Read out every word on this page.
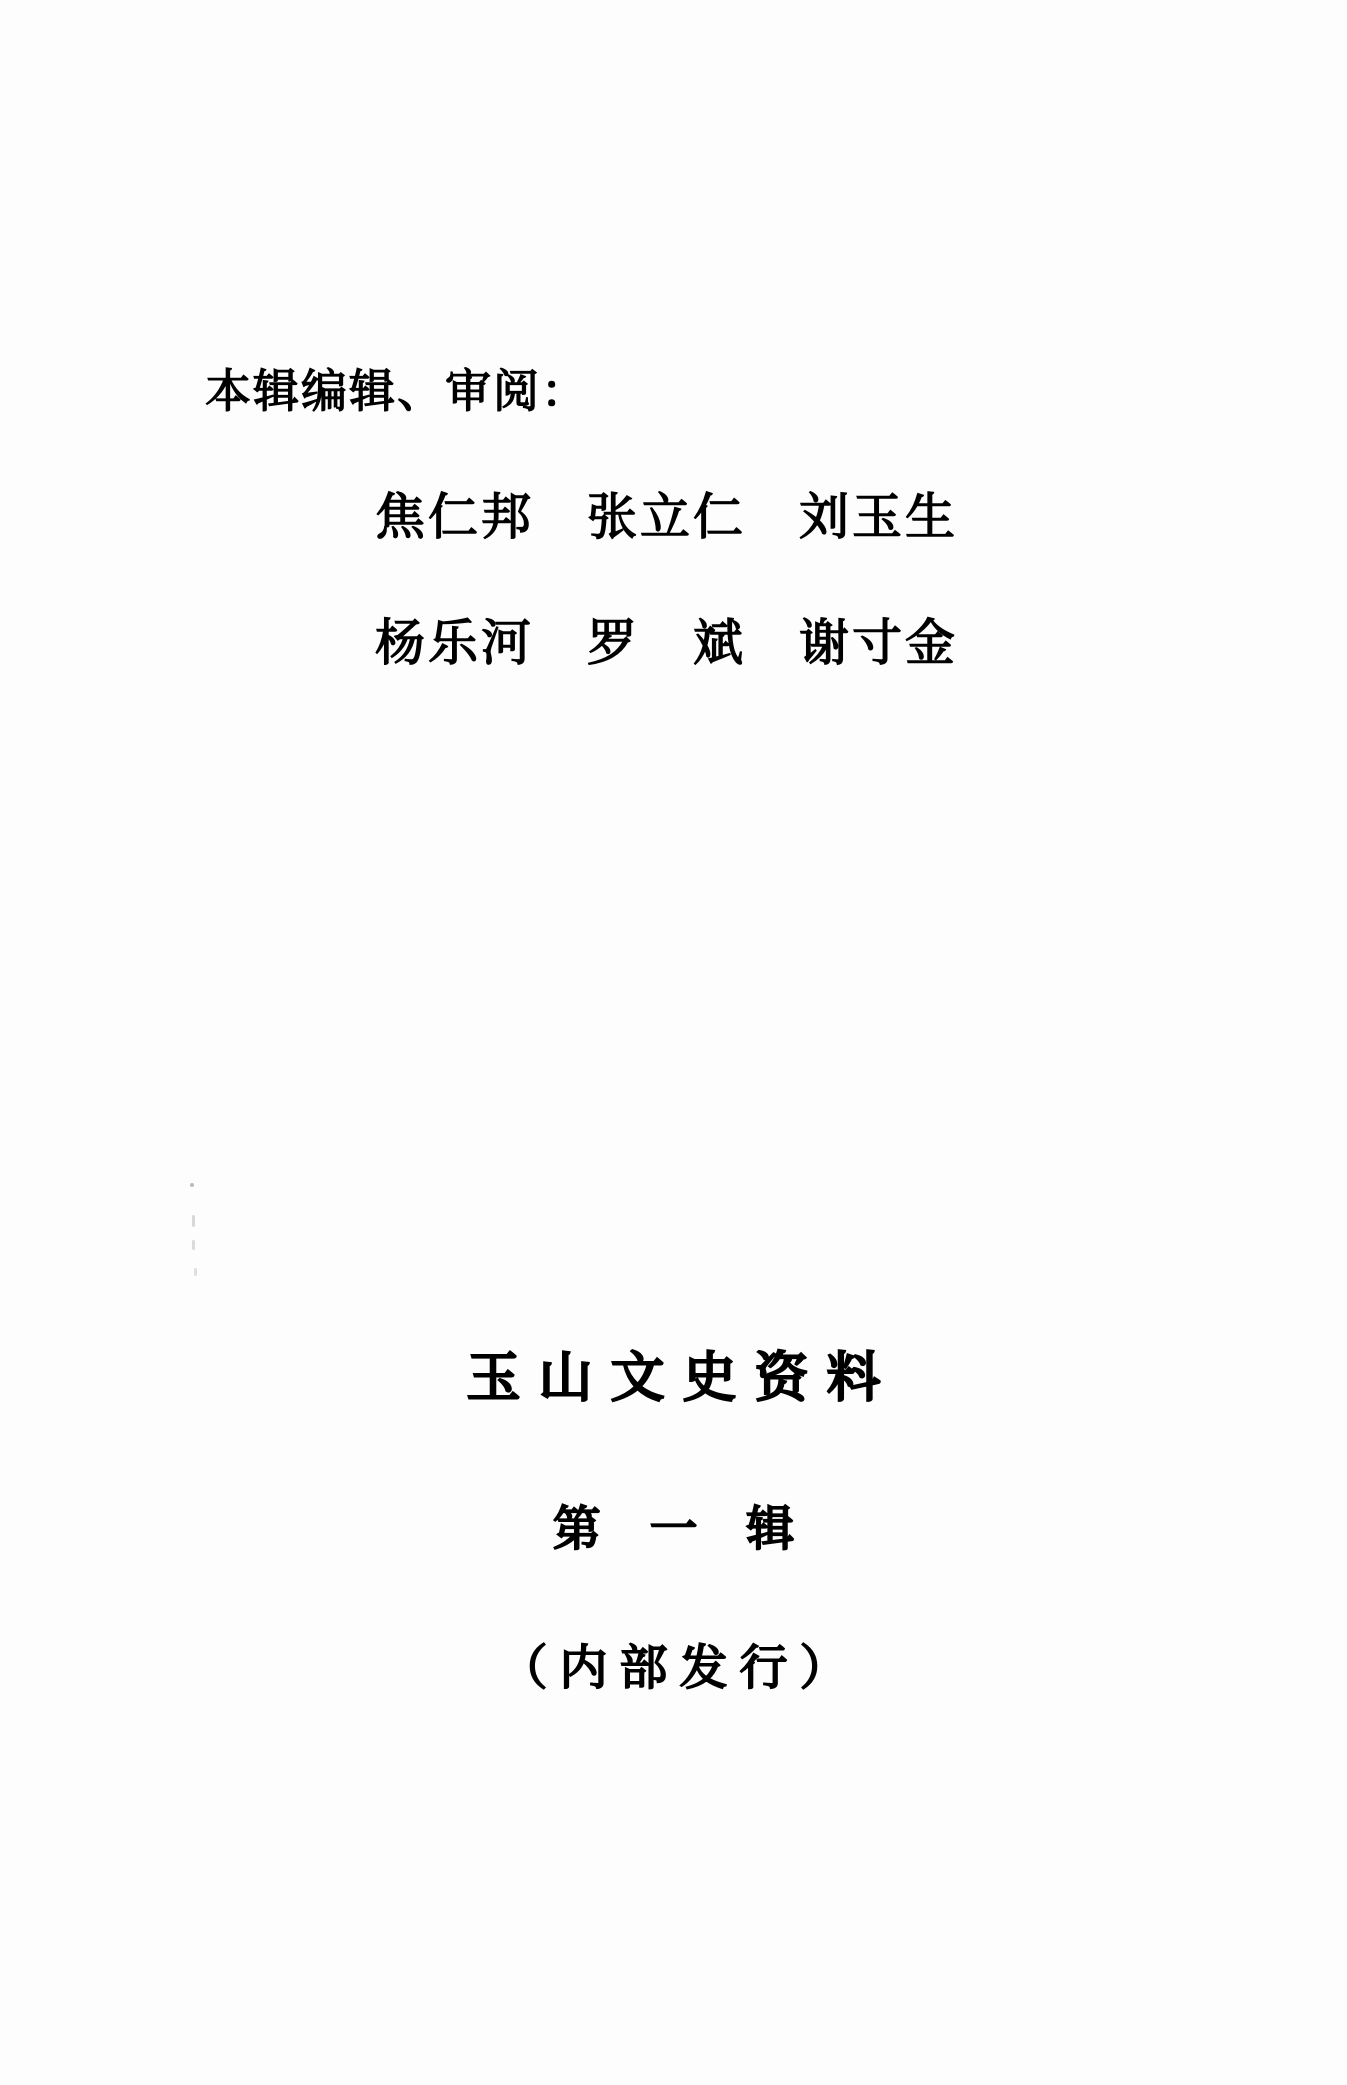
本辑编辑、审阅：
焦仁邦　张立仁　刘玉生
杨乐河　罗　斌　谢寸金
玉山文史资料
第 一 辑
（内部发行）
